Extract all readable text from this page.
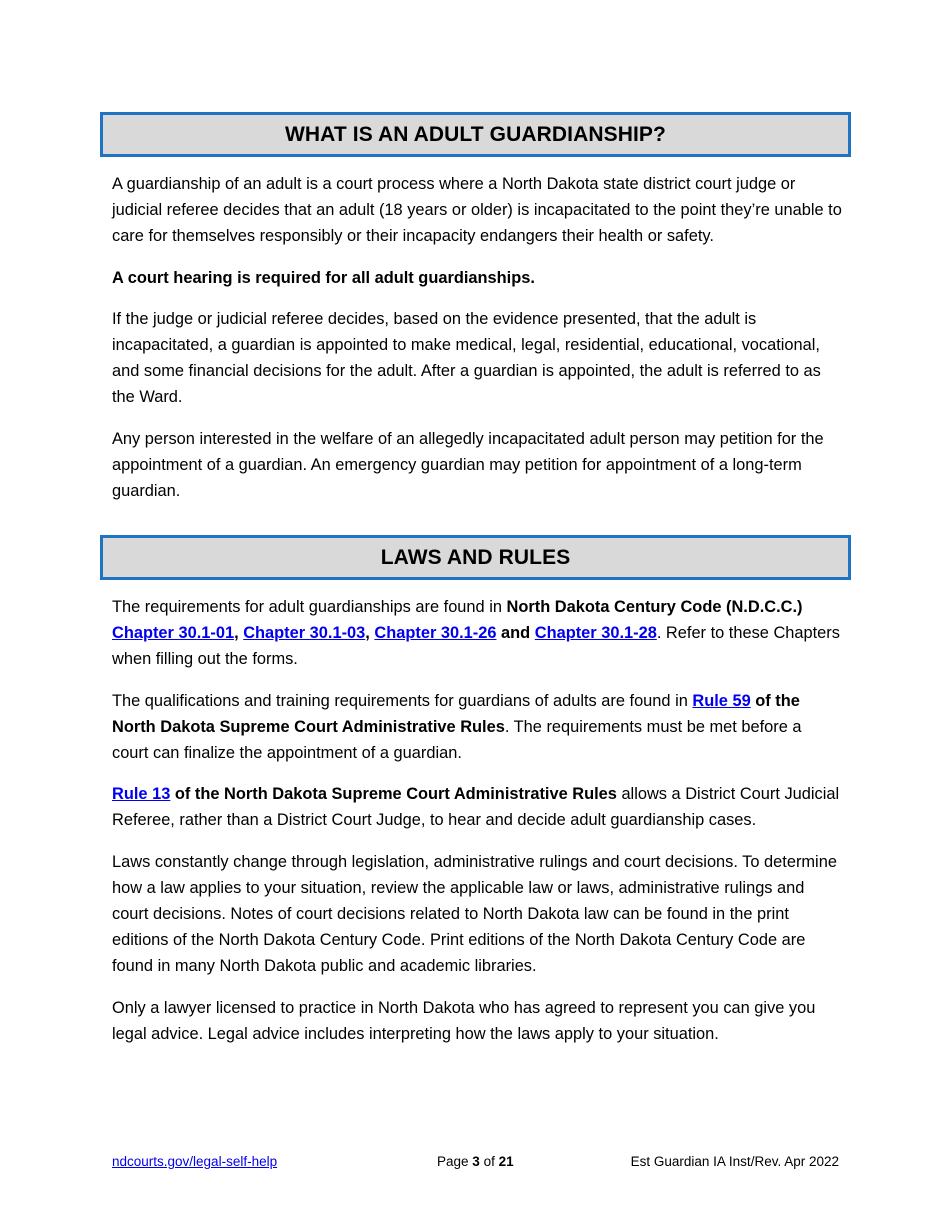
WHAT IS AN ADULT GUARDIANSHIP?

A guardianship of an adult is a court process where a North Dakota state district court judge or judicial referee decides that an adult (18 years or older) is incapacitated to the point they’re unable to care for themselves responsibly or their incapacity endangers their health or safety.

A court hearing is required for all adult guardianships.

If the judge or judicial referee decides, based on the evidence presented, that the adult is incapacitated, a guardian is appointed to make medical, legal, residential, educational, vocational, and some financial decisions for the adult. After a guardian is appointed, the adult is referred to as the Ward.

Any person interested in the welfare of an allegedly incapacitated adult person may petition for the appointment of a guardian. An emergency guardian may petition for appointment of a long-term guardian.

LAWS AND RULES

The requirements for adult guardianships are found in North Dakota Century Code (N.D.C.C.) Chapter 30.1-01, Chapter 30.1-03, Chapter 30.1-26 and Chapter 30.1-28. Refer to these Chapters when filling out the forms.

The qualifications and training requirements for guardians of adults are found in Rule 59 of the North Dakota Supreme Court Administrative Rules. The requirements must be met before a court can finalize the appointment of a guardian.

Rule 13 of the North Dakota Supreme Court Administrative Rules allows a District Court Judicial Referee, rather than a District Court Judge, to hear and decide adult guardianship cases.

Laws constantly change through legislation, administrative rulings and court decisions. To determine how a law applies to your situation, review the applicable law or laws, administrative rulings and court decisions. Notes of court decisions related to North Dakota law can be found in the print editions of the North Dakota Century Code. Print editions of the North Dakota Century Code are found in many North Dakota public and academic libraries.

Only a lawyer licensed to practice in North Dakota who has agreed to represent you can give you legal advice. Legal advice includes interpreting how the laws apply to your situation.

ndcourts.gov/legal-self-help	Page 3 of 21	Est Guardian IA Inst/Rev. Apr 2022
